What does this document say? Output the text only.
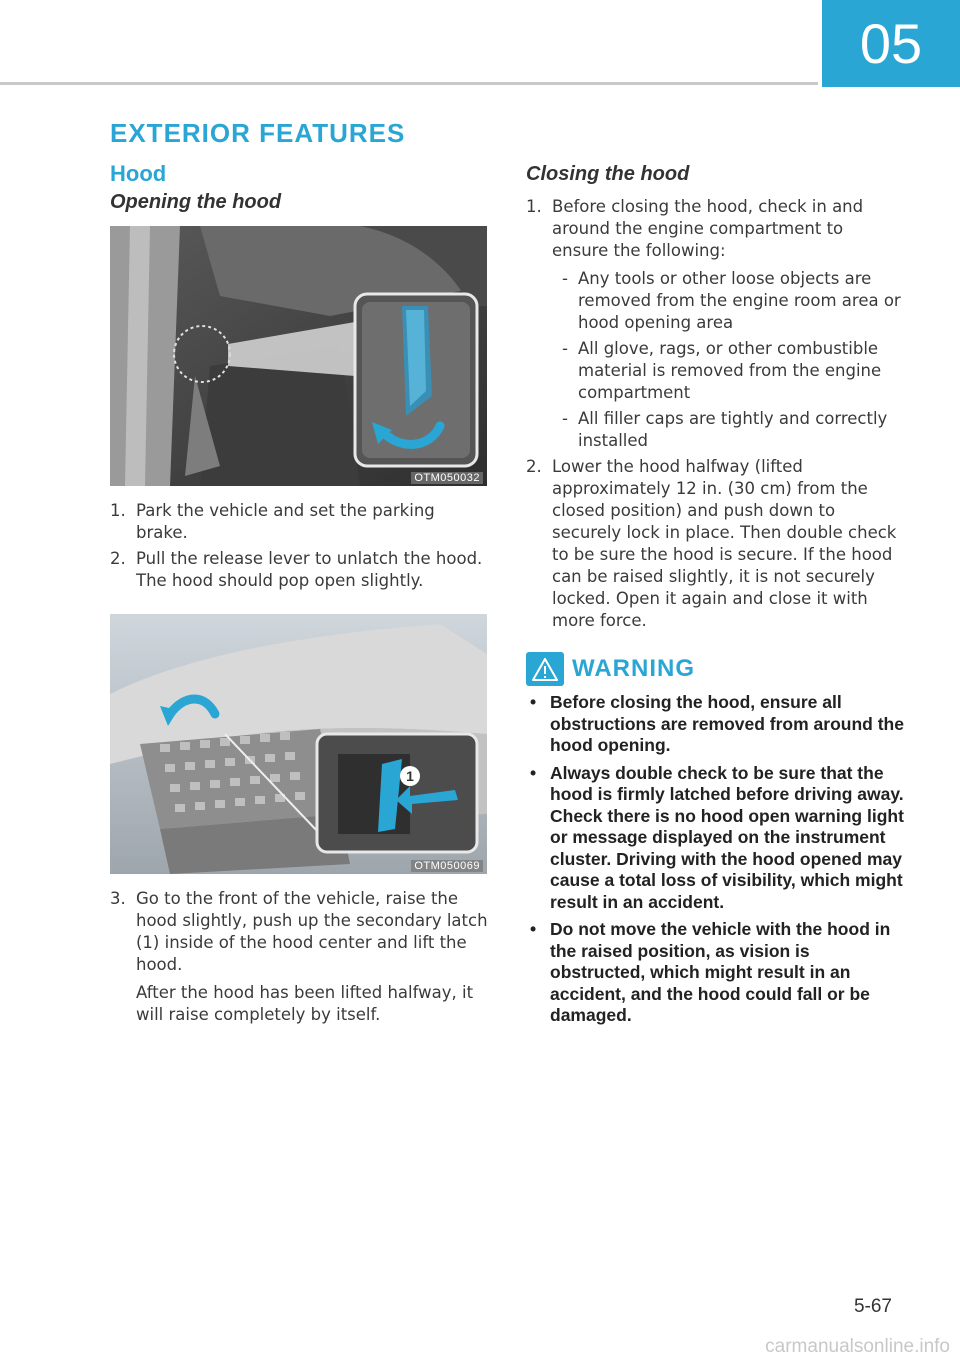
05
EXTERIOR FEATURES
Hood
Opening the hood
OTM050032
1. Park the vehicle and set the parking brake.

2. Pull the release lever to unlatch the hood. The hood should pop open slightly.

1
OTM050069
3. Go to the front of the vehicle, raise the hood slightly, push up the secondary latch (1) inside of the hood center and lift the hood.

After the hood has been lifted halfway, it will raise completely by itself.

Closing the hood
1. Before closing the hood, check in and around the engine compartment to ensure the following:

- Any tools or other loose objects are removed from the engine room area or hood opening area
- All glove, rags, or other combustible material is removed from the engine compartment
- All filler caps are tightly and correctly installed
2. Lower the hood halfway (lifted approximately 12 in. (30 cm) from the closed position) and push down to securely lock in place. Then double check to be sure the hood is secure. If the hood can be raised slightly, it is not securely locked. Open it again and close it with more force.

WARNING
• Before closing the hood, ensure all obstructions are removed from around the hood opening.
• Always double check to be sure that the hood is firmly latched before driving away. Check there is no hood open warning light or message displayed on the instrument cluster. Driving with the hood opened may cause a total loss of visibility, which might result in an accident.
• Do not move the vehicle with the hood in the raised position, as vision is obstructed, which might result in an accident, and the hood could fall or be damaged.
5-67
carmanualsonline.info
